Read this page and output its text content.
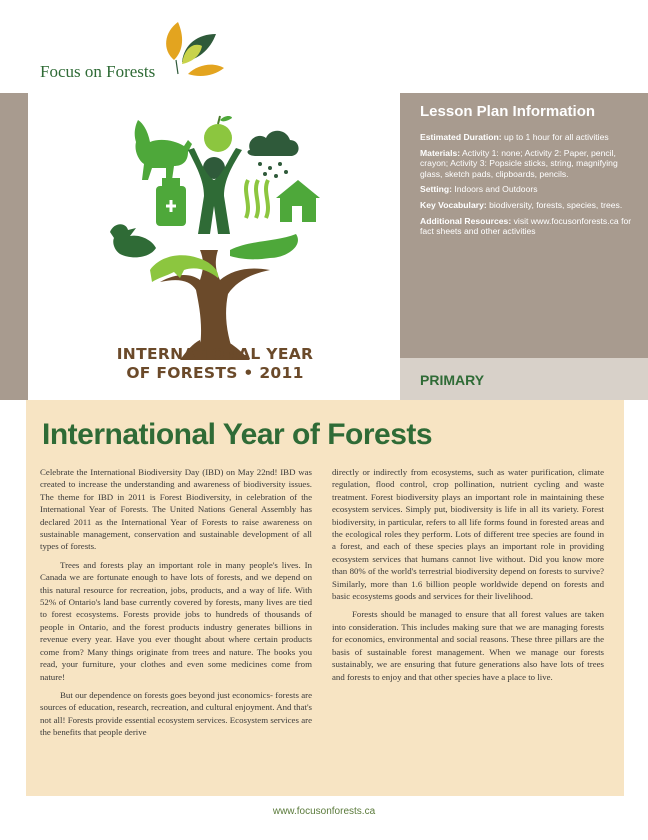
Focus on Forests
INTERNATIONAL YEAR
OF FORESTS • 2011
Lesson Plan Information
Estimated Duration: up to 1 hour for all activities
Materials: Activity 1: none; Activity 2: Paper, pencil, crayon; Activity 3: Popsicle sticks, string, magnifying glass, sketch pads, clipboards, pencils.
Setting: Indoors and Outdoors
Key Vocabulary: biodiversity, forests, species, trees.
Additional Resources: visit www.focusonforests.ca for fact sheets and other activities
PRIMARY
International Year of Forests

Celebrate the International Biodiversity Day (IBD) on May 22nd! IBD was created to increase the understanding and awareness of biodiversity issues. The theme for IBD in 2011 is Forest Biodiversity, in celebration of the International Year of Forests. The United Nations General Assembly has declared 2011 as the International Year of Forests to raise awareness on sustainable management, conservation and sustainable development of all types of forests.

Trees and forests play an important role in many people's lives. In Canada we are fortunate enough to have lots of forests, and we depend on this natural resource for recreation, jobs, products, and a way of life. With 52% of Ontario's land base currently covered by forests, many lives are tied to forest ecosystems. Forests provide jobs to hundreds of thousands of people in Ontario, and the forest products industry generates billions in revenue every year. Have you ever thought about where certain products come from? Many things originate from trees and nature. The books you read, your furniture, your clothes and even some medicines come from nature!

But our dependence on forests goes beyond just economics- forests are sources of education, research, recreation, and cultural enjoyment. And that's not all! Forests provide essential ecosystem services. Ecosystem services are the benefits that people derive

directly or indirectly from ecosystems, such as water purification, climate regulation, flood control, crop pollination, nutrient cycling and waste treatment. Forest biodiversity plays an important role in maintaining these ecosystem services. Simply put, biodiversity is life in all its variety. Forest biodiversity, in particular, refers to all life forms found in forested areas and the ecological roles they perform. Lots of different tree species are found in a forest, and each of these species plays an important role in providing ecosystem services that humans cannot live without. Did you know more than 80% of the world's terrestrial biodiversity depend on forests to survive? Similarly, more than 1.6 billion people worldwide depend on forests and basic ecosystems goods and services for their livelihood.

Forests should be managed to ensure that all forest values are taken into consideration. This includes making sure that we are managing forests for economics, environmental and social reasons. These three pillars are the basis of sustainable forest management. When we manage our forests sustainably, we are ensuring that future generations also have lots of trees and forests to enjoy and that other species have a place to live.

www.focusonforests.ca
